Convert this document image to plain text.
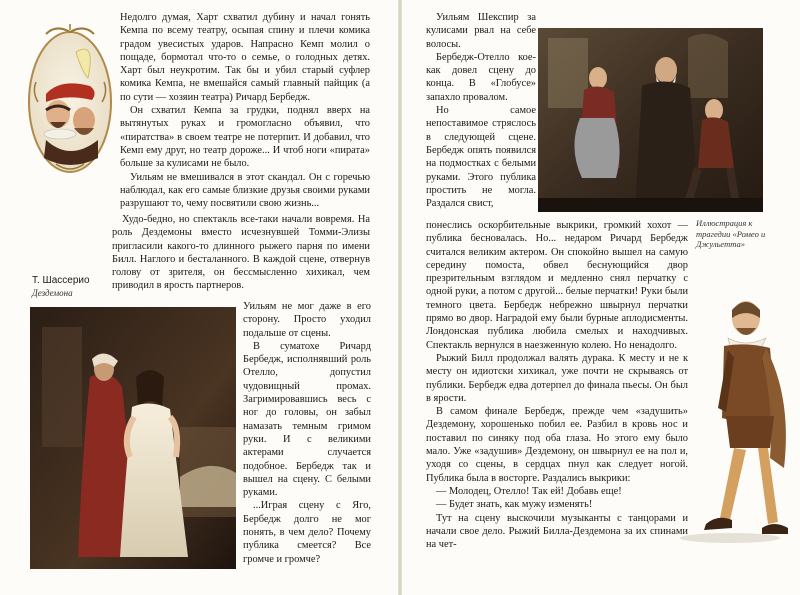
Недолго думая, Харт схватил дубину и начал гонять Кемпа по всему театру, осыпая спину и плечи комика градом увесистых ударов. Напрасно Кемп молил о пощаде, бормотал что-то о семье, о голодных детях. Харт был неукротим. Так бы и убил старый суфлер комика Кемпа, не вмешайся самый главный пайщик (а по сути — хозяин театра) Ричард Бербедж.

Он схватил Кемпа за грудки, поднял вверх на вытянутых руках и громогласно объявил, что «пиратства» в своем театре не потерпит. И добавил, что Кемп ему друг, но театр дороже... И чтоб ноги «пирата» больше за кулисами не было.

Уильям не вмешивался в этот скандал. Он с горечью наблюдал, как его самые близкие друзья своими руками разрушают то, чему посвятили свою жизнь...

Худо-бедно, но спектакль все-таки начали вовремя. На роль Дездемоны вместо исчезнувшей Томми-Элизы пригласили какого-то длинного рыжего парня по имени Билл. Наглого и бесталанного. В каждой сцене, отвернув голову от зрителя, он бессмысленно хихикал, чем приводил в ярость партнеров.

Т. Шассерио
Дездемона

Уильям не мог даже в его сторону. Просто уходил подальше от сцены.

В суматохе Ричард Бербедж, исполнявший роль Отелло, допустил чудовищный промах. Загримировавшись весь с ног до головы, он забыл намазать темным гримом руки. И с великими актерами случается подобное. Бербедж так и вышел на сцену. С белыми руками.

...Играя сцену с Яго, Бербедж долго не мог понять, в чем дело? Почему публика смеется? Все громче и громче?

Уильям Шекспир за кулисами рвал на себе волосы.

Бербедж-Отелло кое-как довел сцену до конца. В «Глобусе» запахло провалом.

Но самое непоставимое стряслось в следующей сцене. Бербедж опять появился на подмостках с белыми руками. Этого публика простить не могла. Раздался свист,

Иллюстрация к трагедии «Ромео и Джульетта»

понеслись оскорбительные выкрики, громкий хохот — публика бесновалась. Но... недаром Ричард Бербедж считался великим актером. Он спокойно вышел на самую середину помоста, обвел беснующийся двор презрительным взглядом и медленно снял перчатку с одной руки, а потом с другой... белые перчатки! Руки были темного цвета. Бербедж небрежно швырнул перчатки прямо во двор. Наградой ему были бурные аплодисменты. Лондонская публика любила смелых и находчивых. Спектакль вернулся в наезженную колею. Но ненадолго.

Рыжий Билл продолжал валять дурака. К месту и не к месту он идиотски хихикал, уже почти не скрываясь от публики. Бербедж едва дотерпел до финала пьесы. Он был в ярости.

В самом финале Бербедж, прежде чем «задушить» Дездемону, хорошенько побил ее. Разбил в кровь нос и поставил по синяку под оба глаза. Но этого ему было мало. Уже «задушив» Дездемону, он швырнул ее на пол и, уходя со сцены, в сердцах пнул как следует ногой. Публика была в восторге. Раздались выкрики:

— Молодец, Отелло! Так ей! Добавь еще!

— Будет знать, как мужу изменять!

Тут на сцену выскочили музыканты с танцорами и начали свое дело. Рыжий Билла-Дездемона за их спинами на чет-
